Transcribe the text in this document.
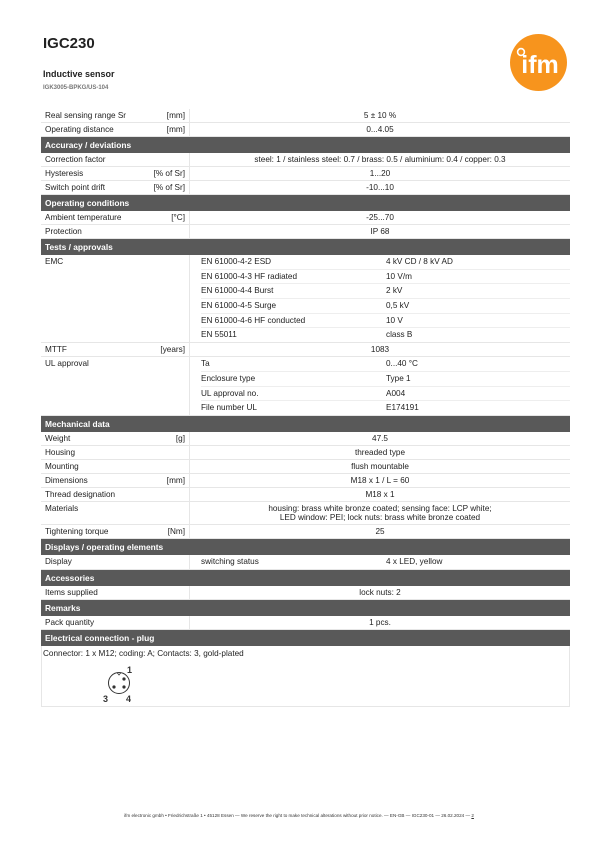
IGC230
Inductive sensor
IGK3005-BPKG/US-104
ifm
Real sensing range Sr	[mm]	5 ± 10 %
Operating distance	[mm]	0...4.05
Accuracy / deviations
Correction factor	steel: 1 / stainless steel: 0.7 / brass: 0.5 / aluminium: 0.4 / copper: 0.3
Hysteresis	[% of Sr]	1...20
Switch point drift	[% of Sr]	-10...10
Operating conditions
Ambient temperature	[°C]	-25...70
Protection	IP 68
Tests / approvals
EMC	EN 61000-4-2 ESD	4 kV CD / 8 kV AD
EN 61000-4-3 HF radiated	10 V/m
EN 61000-4-4 Burst	2 kV
EN 61000-4-5 Surge	0,5 kV
EN 61000-4-6 HF conducted	10 V
EN 55011	class B
MTTF	[years]	1083
UL approval	Ta	0...40 °C
Enclosure type	Type 1
UL approval no.	A004
File number UL	E174191
Mechanical data
Weight	[g]	47.5
Housing	threaded type
Mounting	flush mountable
Dimensions	[mm]	M18 x 1 / L = 60
Thread designation	M18 x 1
Materials	housing: brass white bronze coated; sensing face: LCP white;
LED window: PEI; lock nuts: brass white bronze coated
Tightening torque	[Nm]	25
Displays / operating elements
Display	switching status	4 x LED, yellow
Accessories
Items supplied	lock nuts: 2
Remarks
Pack quantity	1 pcs.
Electrical connection - plug
Connector: 1 x M12; coding: A; Contacts: 3, gold-plated
1
3 4
ifm electronic gmbh • Friedrichstraße 1 • 45128 Essen — We reserve the right to make technical alterations without prior notice. — EN-GB — IGC230-01 — 26.02.2024 — 2
